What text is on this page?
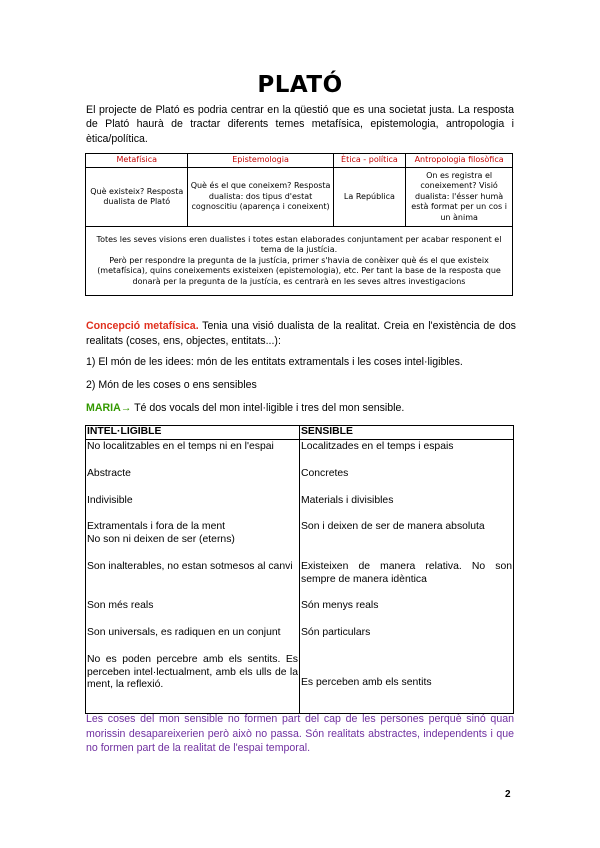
PLATÓ

El projecte de Plató es podria centrar en la qüestió que es una societat justa. La resposta de Plató haurà de tractar diferents temes metafísica, epistemologia, antropologia i ètica/política.

Metafísica	Epistemologia	Ètica - política	Antropologia filosòfica
Què existeix? Resposta dualista de Plató	Què és el que coneixem? Resposta dualista: dos tipus d'estat cognoscitiu (aparença i coneixent)	La República	On es registra el coneixement? Visió dualista: l'ésser humà està format per un cos i un ànima

Totes les seves visions eren dualistes i totes estan elaborades conjuntament per acabar responent el tema de la justícia.
Però per respondre la pregunta de la justícia, primer s'havia de conèixer què és el que existeix (metafísica), quins coneixements existeixen (epistemologia), etc. Per tant la base de la resposta que donarà per la pregunta de la justícia, es centrarà en les seves altres investigacions			

Concepció metafísica. Tenia una visió dualista de la realitat. Creia en l'existència de dos realitats (coses, ens, objectes, entitats...):

1) El món de les idees: món de les entitats extramentals i les coses intel·ligibles.

2) Món de les coses o ens sensibles

MARIA→ Té dos vocals del mon intel·ligible i tres del mon sensible.

INTEL·LIGIBLE	SENSIBLE
No localitzables en el temps ni en l'espai	Localitzades en el temps i espais
Abstracte	Concretes
Indivisible	Materials i divisibles
Extramentals i fora de la ment
No son ni deixen de ser (eterns)	Son i deixen de ser de manera absoluta
Son inalterables, no estan sotmesos al canvi	Existeixen de manera relativa. No son sempre de manera idèntica
Son més reals	Són menys reals
Son universals, es radiquen en un conjunt	Són particulars
No es poden percebre amb els sentits. Es perceben intel·lectualment, amb els ulls de la ment, la reflexió.	Es perceben amb els sentits

Les coses del mon sensible no formen part del cap de les persones perquè sinó quan morissin desapareixerien però això no passa. Són realitats abstractes, independents i que no formen part de la realitat de l'espai temporal.

2
